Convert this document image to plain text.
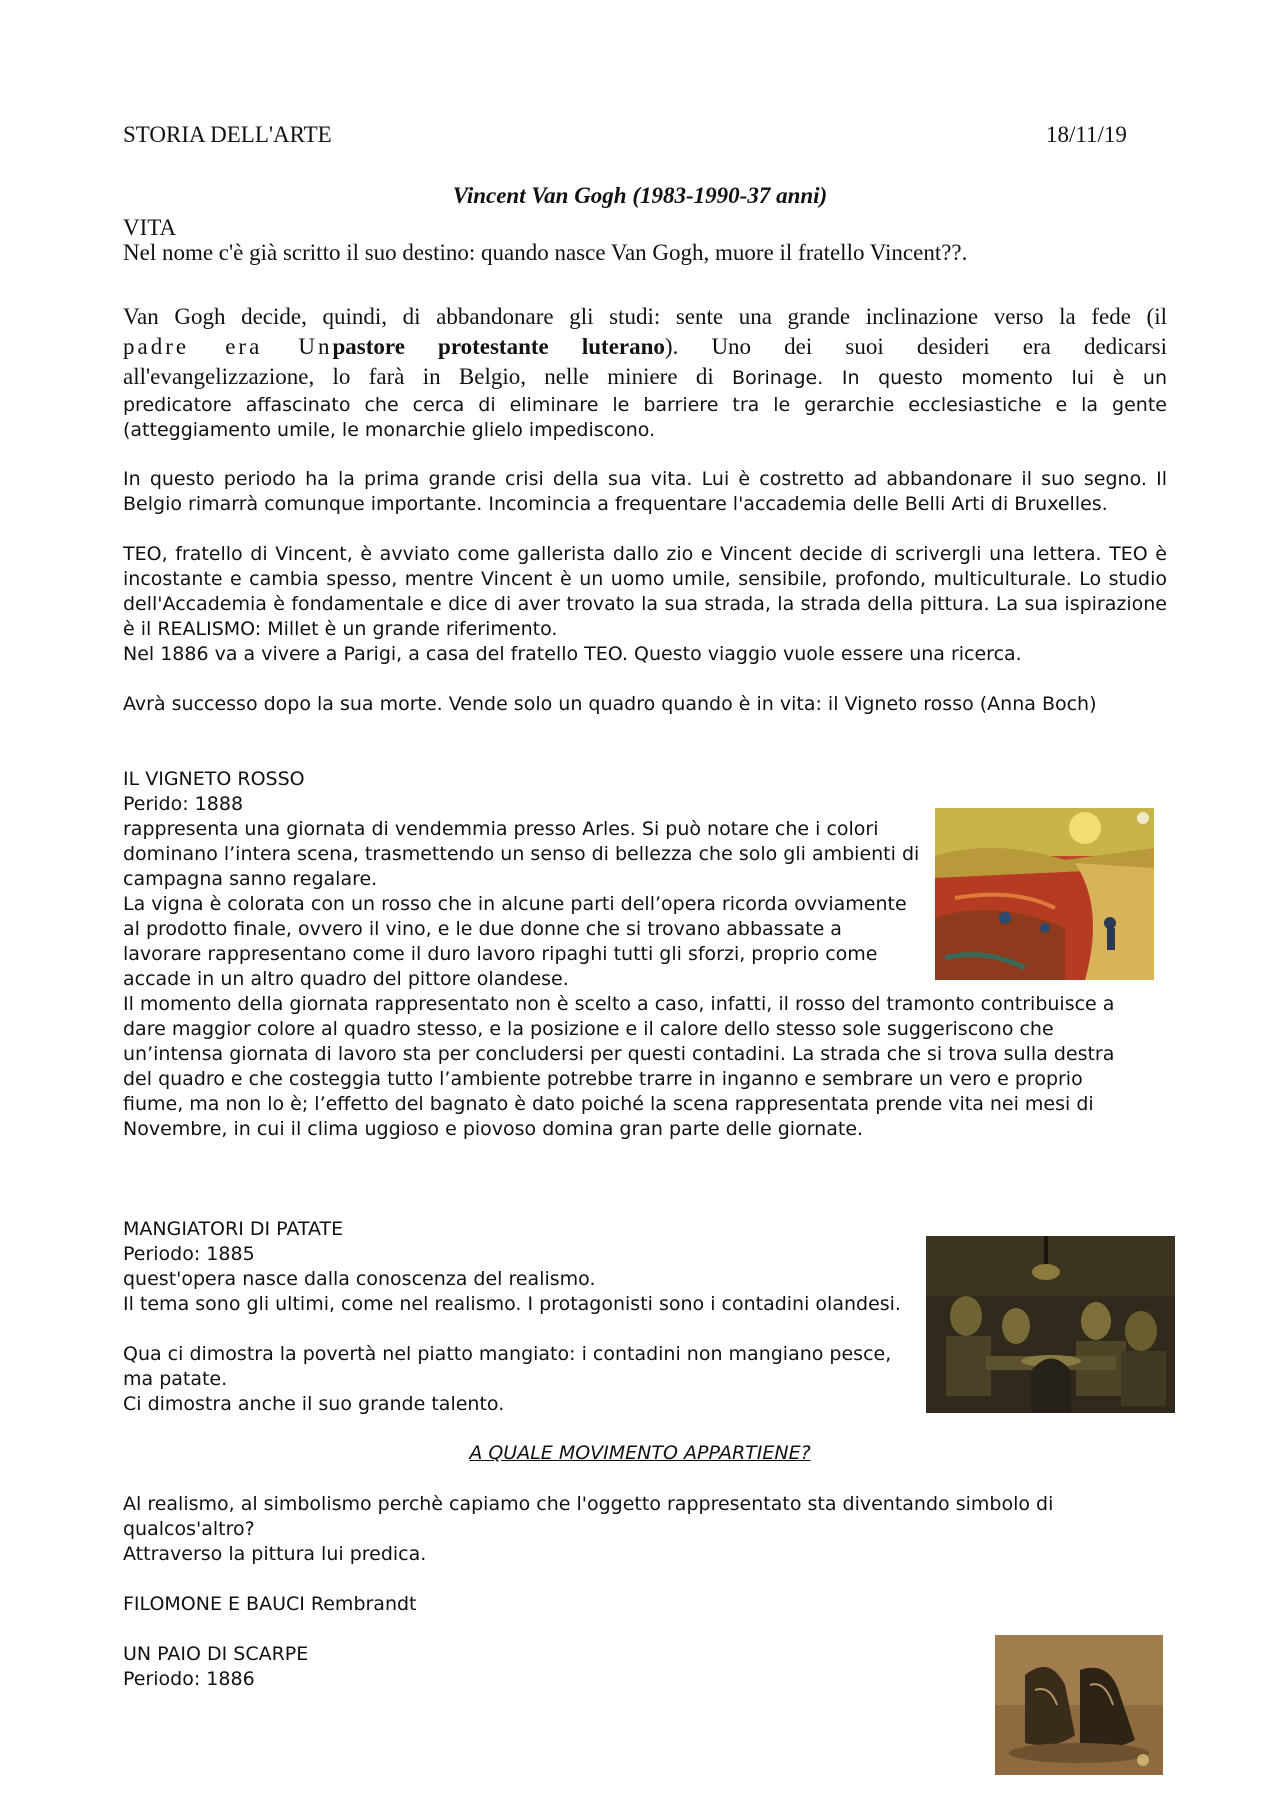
STORIA DELL'ARTE	18/11/19
Vincent Van Gogh (1983-1990-37 anni)
VITA
Nel nome c'è già scritto il suo destino: quando nasce Van Gogh, muore il fratello Vincent??.
Van Gogh decide, quindi, di abbandonare gli studi: sente una grande inclinazione verso la fede (il
padre era Unpastore protestante luterano). Uno dei suoi desideri era dedicarsi
all'evangelizzazione, lo farà in Belgio, nelle miniere di Borinage. In questo momento lui è un
predicatore affascinato che cerca di eliminare le barriere tra le gerarchie ecclesiastiche e la gente (atteggiamento umile, le monarchie glielo impediscono.
In questo periodo ha la prima grande crisi della sua vita. Lui è costretto ad abbandonare il suo segno. Il Belgio rimarrà comunque importante. Incomincia a frequentare l'accademia delle Belli Arti di Bruxelles.
TEO, fratello di Vincent, è avviato come gallerista dallo zio e Vincent decide di scrivergli una lettera. TEO è incostante e cambia spesso, mentre Vincent è un uomo umile, sensibile, profondo, multiculturale. Lo studio dell'Accademia è fondamentale e dice di aver trovato la sua strada, la strada della pittura. La sua ispirazione è il REALISMO: Millet è un grande riferimento.
Nel 1886 va a vivere a Parigi, a casa del fratello TEO. Questo viaggio vuole essere una ricerca.
Avrà successo dopo la sua morte. Vende solo un quadro quando è in vita: il Vigneto rosso (Anna Boch)
IL VIGNETO ROSSO
Perido: 1888
rappresenta una giornata di vendemmia presso Arles. Si può notare che i colori dominano l’intera scena, trasmettendo un senso di bellezza che solo gli ambienti di campagna sanno regalare.
La vigna è colorata con un rosso che in alcune parti dell’opera ricorda ovviamente al prodotto finale, ovvero il vino, e le due donne che si trovano abbassate a lavorare rappresentano come il duro lavoro ripaghi tutti gli sforzi, proprio come accade in un altro quadro del pittore olandese.
Il momento della giornata rappresentato non è scelto a caso, infatti, il rosso del tramonto contribuisce a dare maggior colore al quadro stesso, e la posizione e il calore dello stesso sole suggeriscono che un’intensa giornata di lavoro sta per concludersi per questi contadini. La strada che si trova sulla destra del quadro e che costeggia tutto l’ambiente potrebbe trarre in inganno e sembrare un vero e proprio fiume, ma non lo è; l’effetto del bagnato è dato poiché la scena rappresentata prende vita nei mesi di Novembre, in cui il clima uggioso e piovoso domina gran parte delle giornate.
MANGIATORI DI PATATE
Periodo: 1885
quest'opera nasce dalla conoscenza del realismo.
Il tema sono gli ultimi, come nel realismo. I protagonisti sono i contadini olandesi.
Qua ci dimostra la povertà nel piatto mangiato: i contadini non mangiano pesce, ma patate.
Ci dimostra anche il suo grande talento.
A QUALE MOVIMENTO APPARTIENE?
Al realismo, al simbolismo perchè capiamo che l'oggetto rappresentato sta diventando simbolo di qualcos'altro?
Attraverso la pittura lui predica.
FILOMONE E BAUCI Rembrandt
UN PAIO DI SCARPE
Periodo: 1886
